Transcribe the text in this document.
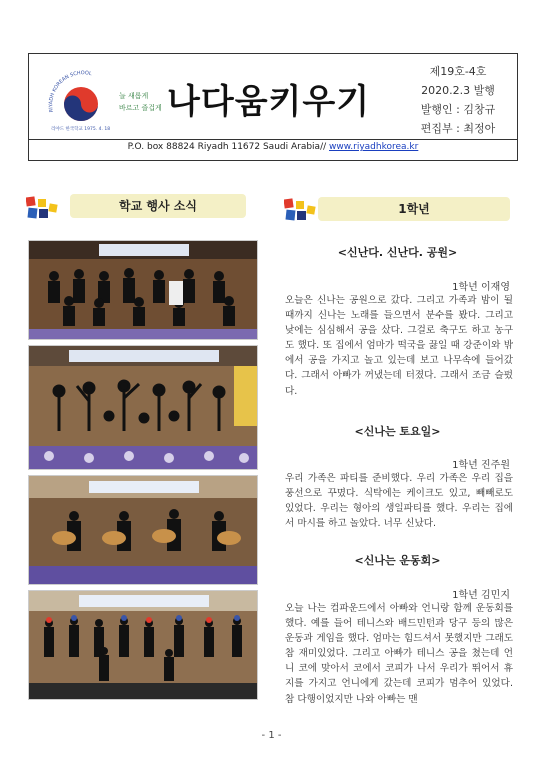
RIYADH KOREAN SCHOOL
늘 새롭게
바르고 즐겁게
리야드 한국학교 1975. 4. 18
나다움키우기
제19호-4호
2020.2.3 발행
발행인 : 김창규
편집부 : 최정아
P.O. box 88824 Riyadh 11672 Saudi Arabia// www.riyadhkorea.kr
학교 행사 소식	1학년
<신난다. 신난다. 공원>
1학년 이재영
오늘은 신나는 공원으로 갔다. 그리고 가족과 밤이 될 때까지 신나는 노래를 들으면서 분수를 봤다. 그리고 낮에는 심심해서 공을 샀다. 그걸로 축구도 하고 농구도 했다. 또 집에서 엄마가 떡국을 끓일 때 강준이와 밖에서 공을 가지고 놀고 있는데 보고 나무속에 들어갔다. 그래서 아빠가 꺼냈는데 터졌다. 그래서 조금 슬펐다.
<신나는 토요일>
1학년 진주원
우리 가족은 파티를 준비했다. 우리 가족은 우리 집을 풍선으로 꾸몄다. 식탁에는 케이크도 있고, 빼빼로도 있었다. 우리는 형아의 생일파티를 했다. 우리는 집에서 마시를 하고 놀았다. 너무 신났다.
<신나는 운동회>
1학년 김민지
오늘 나는 컴파운드에서 아빠와 언니랑 함께 운동회를 했다. 예를 들어 테니스와 배드민턴과 당구 등의 많은 운동과 게임을 했다. 엄마는 힘드셔서 못했지만 그래도 참 재미있었다. 그리고 아빠가 테니스 공을 쳤는데 언니 코에 맞아서 코에서 코피가 나서 우리가 뛰어서 휴지를 가지고 언니에게 갔는데 코피가 멈추어 있었다. 참 다행이었지만 나와 아빠는 맨
- 1 -
